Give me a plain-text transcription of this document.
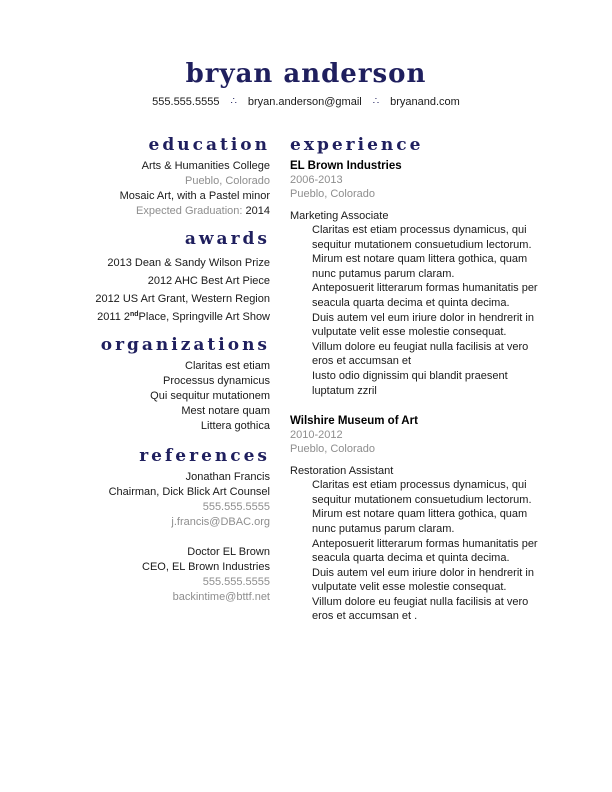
bryan anderson
555.555.5555 ∴ bryan.anderson@gmail ∴ bryanand.com
education
Arts & Humanities College
Pueblo, Colorado
Mosaic Art, with a Pastel minor
Expected Graduation: 2014
awards
2013 Dean & Sandy Wilson Prize
2012 AHC Best Art Piece
2012 US Art Grant, Western Region
2011 2ndPlace, Springville Art Show
organizations
Claritas est etiam
Processus dynamicus
Qui sequitur mutationem
Mest notare quam
Littera gothica
references
Jonathan Francis
Chairman, Dick Blick Art Counsel
555.555.5555
j.francis@DBAC.org
Doctor EL Brown
CEO, EL Brown Industries
555.555.5555
backintime@bttf.net
experience
EL Brown Industries
2006-2013
Pueblo, Colorado
Marketing Associate
Claritas est etiam processus dynamicus, qui sequitur mutationem consuetudium lectorum.
Mirum est notare quam littera gothica, quam nunc putamus parum claram.
Anteposuerit litterarum formas humanitatis per seacula quarta decima et quinta decima.
Duis autem vel eum iriure dolor in hendrerit in vulputate velit esse molestie consequat.
Villum dolore eu feugiat nulla facilisis at vero eros et accumsan et
Iusto odio dignissim qui blandit praesent luptatum zzril
Wilshire Museum of Art
2010-2012
Pueblo, Colorado
Restoration Assistant
Claritas est etiam processus dynamicus, qui sequitur mutationem consuetudium lectorum.
Mirum est notare quam littera gothica, quam nunc putamus parum claram.
Anteposuerit litterarum formas humanitatis per seacula quarta decima et quinta decima.
Duis autem vel eum iriure dolor in hendrerit in vulputate velit esse molestie consequat.
Villum dolore eu feugiat nulla facilisis at vero eros et accumsan et .
